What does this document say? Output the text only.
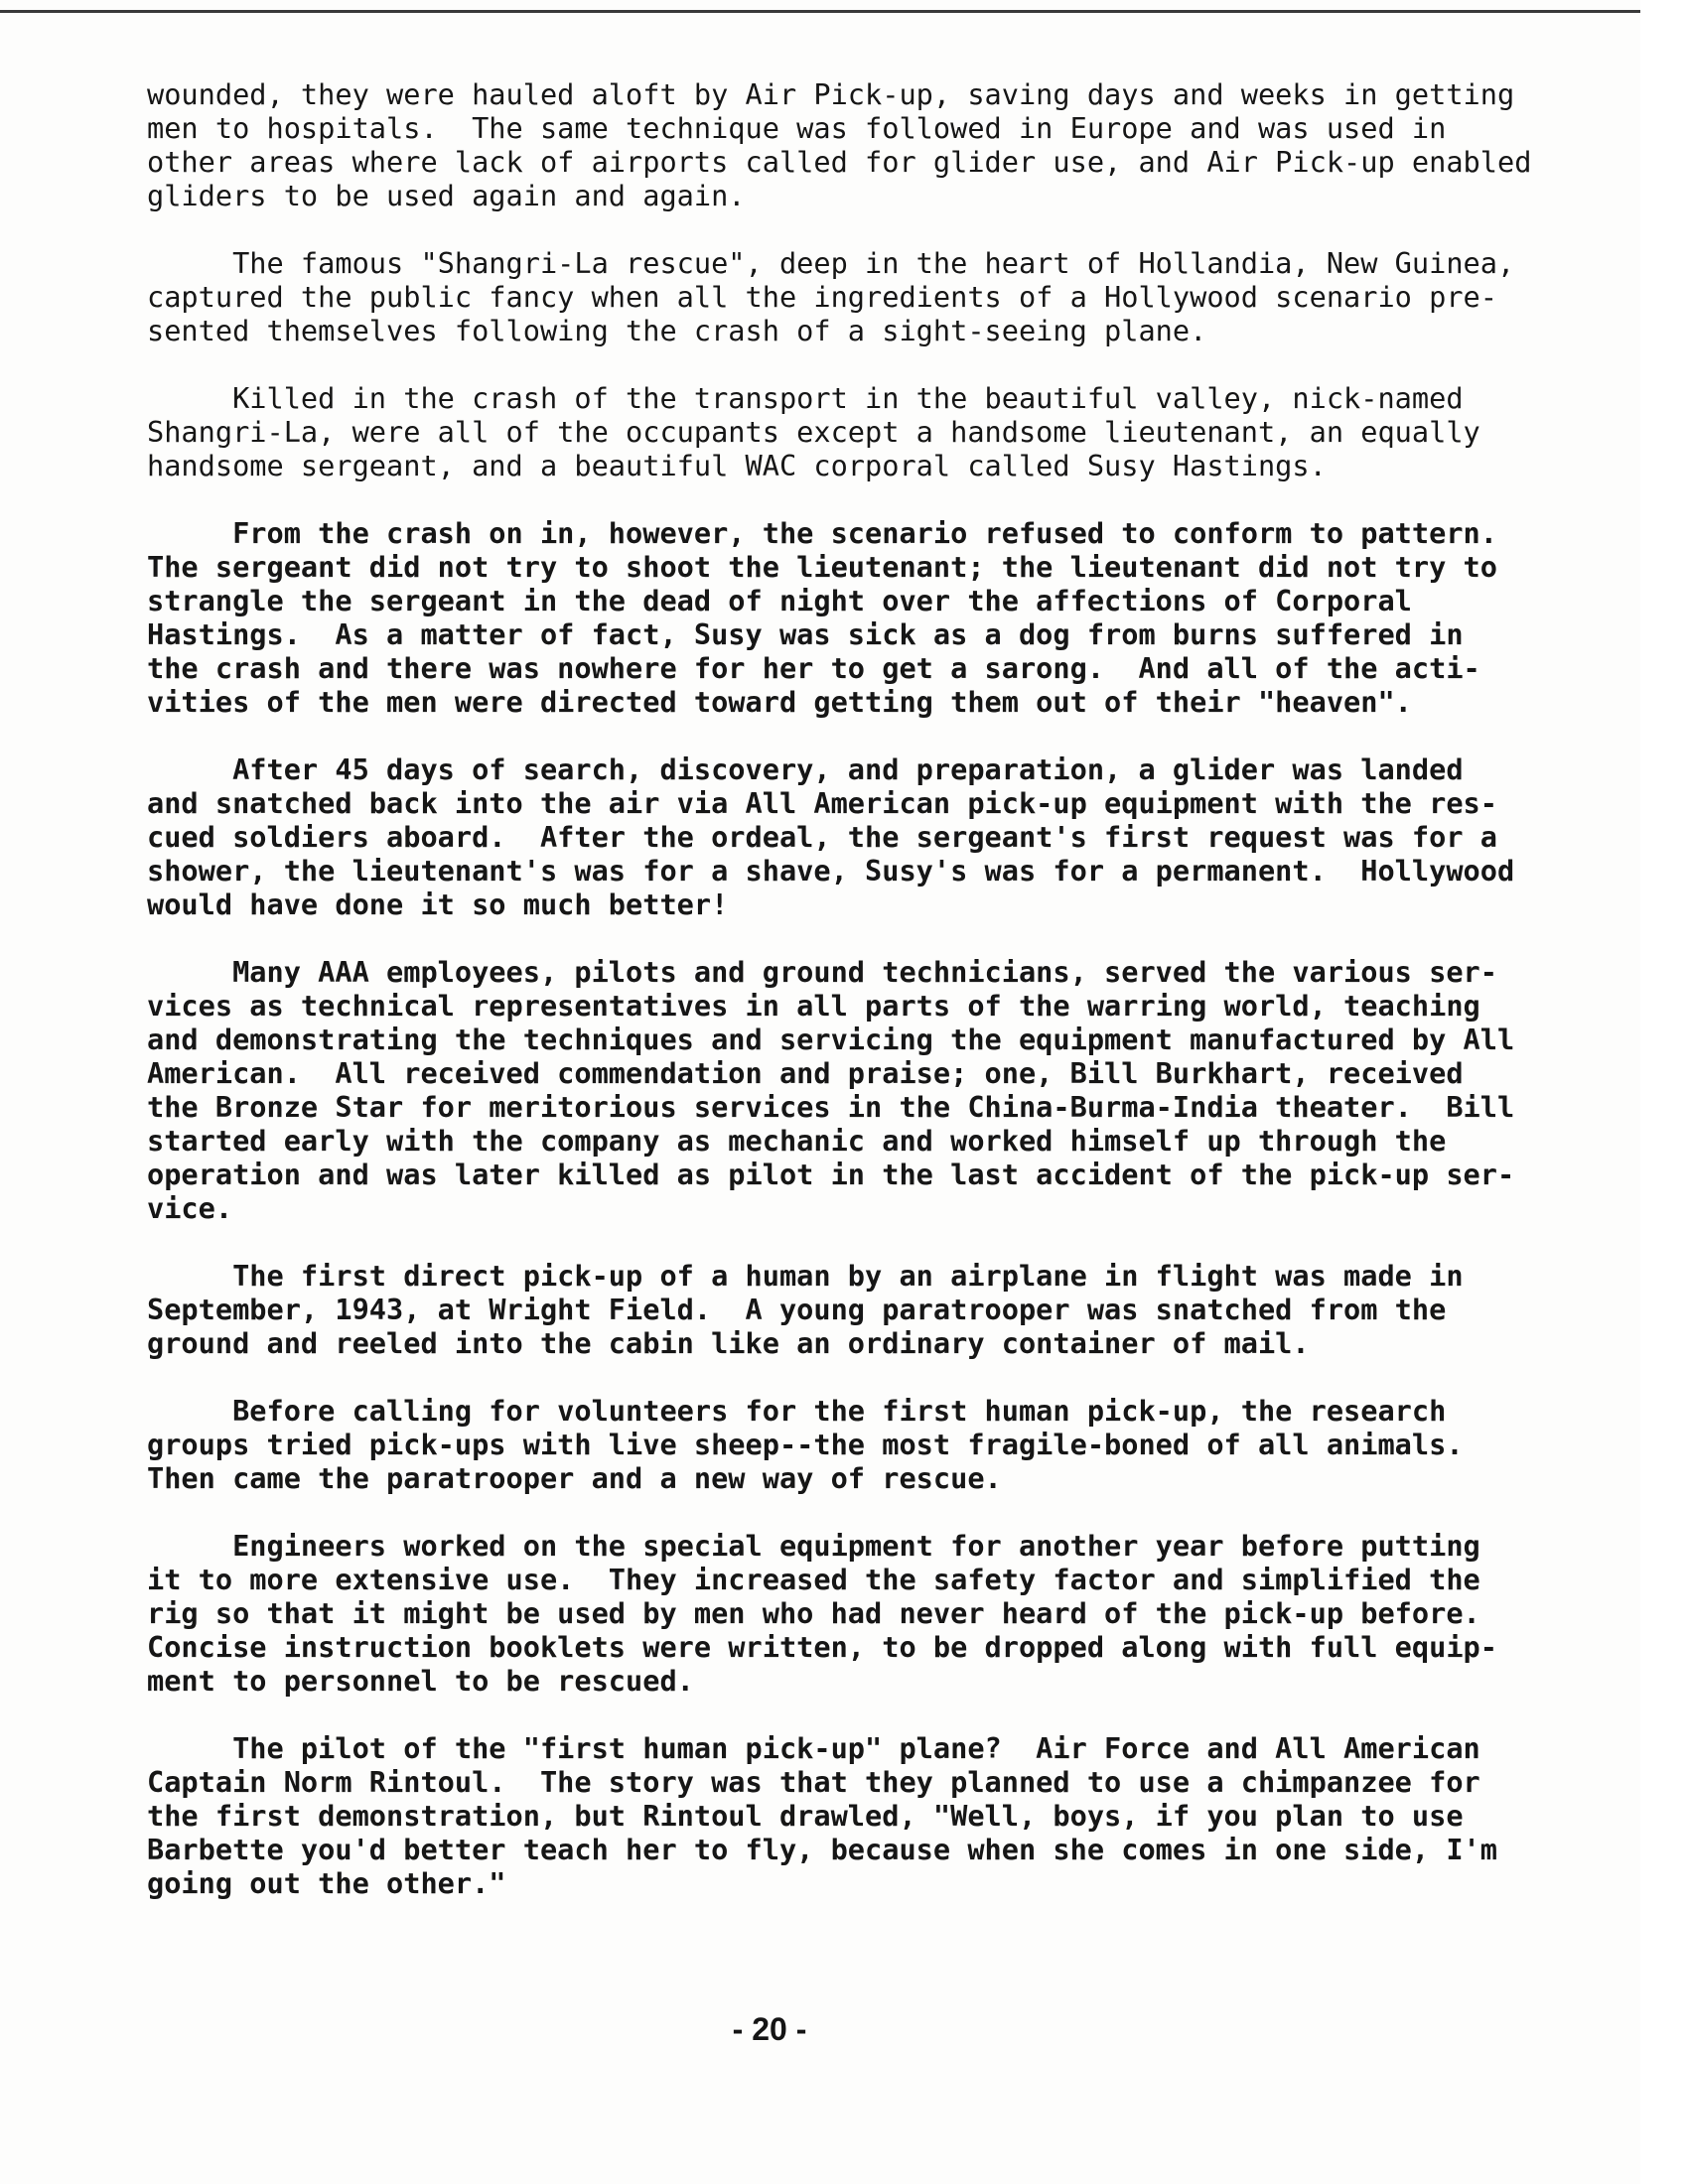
wounded, they were hauled aloft by Air Pick-up, saving days and weeks in getting
men to hospitals.  The same technique was followed in Europe and was used in
other areas where lack of airports called for glider use, and Air Pick-up enabled
gliders to be used again and again.
The famous "Shangri-La rescue", deep in the heart of Hollandia, New Guinea,
captured the public fancy when all the ingredients of a Hollywood scenario pre-
sented themselves following the crash of a sight-seeing plane.
Killed in the crash of the transport in the beautiful valley, nick-named
Shangri-La, were all of the occupants except a handsome lieutenant, an equally
handsome sergeant, and a beautiful WAC corporal called Susy Hastings.
From the crash on in, however, the scenario refused to conform to pattern.
The sergeant did not try to shoot the lieutenant; the lieutenant did not try to
strangle the sergeant in the dead of night over the affections of Corporal
Hastings.  As a matter of fact, Susy was sick as a dog from burns suffered in
the crash and there was nowhere for her to get a sarong.  And all of the acti-
vities of the men were directed toward getting them out of their "heaven".
After 45 days of search, discovery, and preparation, a glider was landed
and snatched back into the air via All American pick-up equipment with the res-
cued soldiers aboard.  After the ordeal, the sergeant's first request was for a
shower, the lieutenant's was for a shave, Susy's was for a permanent.  Hollywood
would have done it so much better!
Many AAA employees, pilots and ground technicians, served the various ser-
vices as technical representatives in all parts of the warring world, teaching
and demonstrating the techniques and servicing the equipment manufactured by All
American.  All received commendation and praise; one, Bill Burkhart, received
the Bronze Star for meritorious services in the China-Burma-India theater.  Bill
started early with the company as mechanic and worked himself up through the
operation and was later killed as pilot in the last accident of the pick-up ser-
vice.
The first direct pick-up of a human by an airplane in flight was made in
September, 1943, at Wright Field.  A young paratrooper was snatched from the
ground and reeled into the cabin like an ordinary container of mail.
Before calling for volunteers for the first human pick-up, the research
groups tried pick-ups with live sheep--the most fragile-boned of all animals.
Then came the paratrooper and a new way of rescue.
Engineers worked on the special equipment for another year before putting
it to more extensive use.  They increased the safety factor and simplified the
rig so that it might be used by men who had never heard of the pick-up before.
Concise instruction booklets were written, to be dropped along with full equip-
ment to personnel to be rescued.
The pilot of the "first human pick-up" plane?  Air Force and All American
Captain Norm Rintoul.  The story was that they planned to use a chimpanzee for
the first demonstration, but Rintoul drawled, "Well, boys, if you plan to use
Barbette you'd better teach her to fly, because when she comes in one side, I'm
going out the other."
- 20 -
